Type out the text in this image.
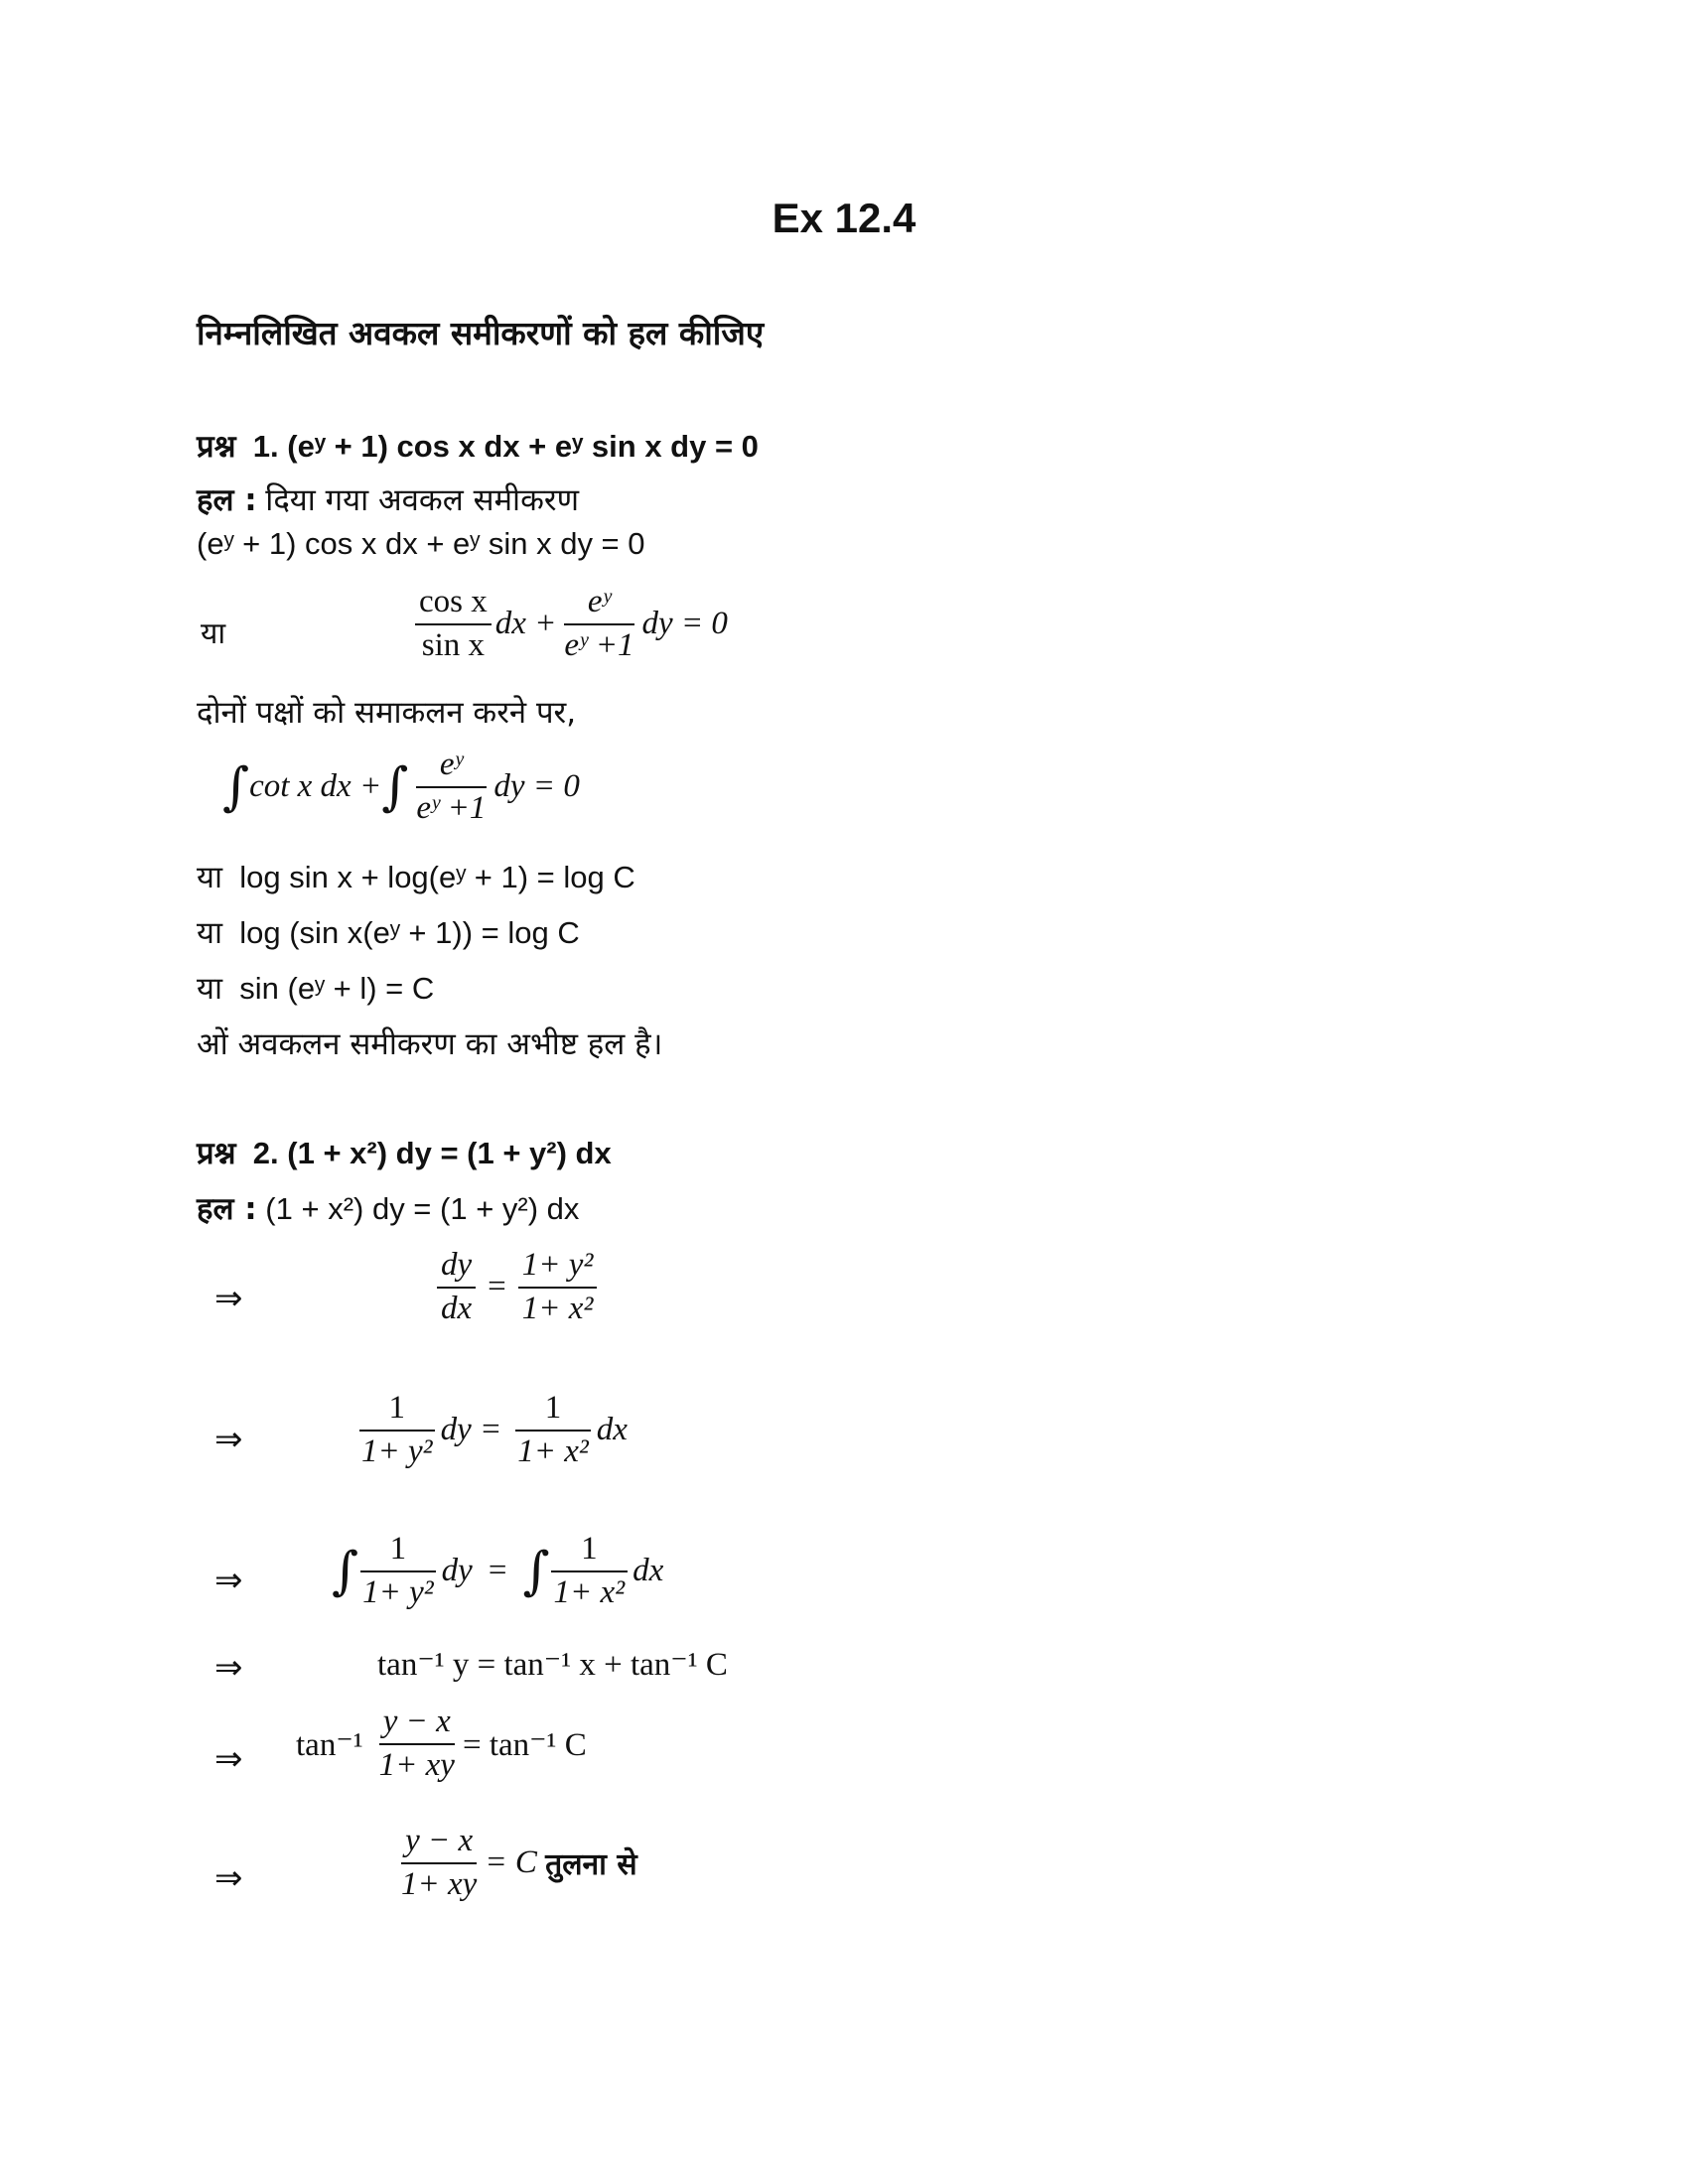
Ex 12.4
निम्नलिखित अवकल समीकरणों को हल कीजिए
प्रश्न 1. (eʸ + 1) cos x dx + eʸ sin x dy = 0
हल : दिया गया अवकल समीकरण
(eʸ + 1) cos x dx + eʸ sin x dy = 0
या	$\frac{\text{cos x}}{\text{sin x}}$ dx + $\frac{\text{eʸ}}{\text{eʸ +1}}$ dy = 0
दोनों पक्षों को समाकलन करने पर,
∫ cot x dx + ∫ $\frac{\text{eʸ}}{\text{eʸ +1}}$ dy = 0
या log sin x + log(eʸ + 1) = log C
या log (sin x(eʸ + 1)) = log C
या sin (eʸ + l) = C
ओं अवकलन समीकरण का अभीष्ट हल है।
प्रश्न 2. (1 + x²) dy = (1 + y²) dx
हल : (1 + x²) dy = (1 + y²) dx
⇒	$\frac{dy}{dx} = \frac{\text{1+ y²}}{\text{1+ x²}}$
⇒	$\frac{1}{\text{1+ y²}}$ dy = $\frac{1}{\text{1+ x²}}$ dx
⇒ ∫ $\frac{1}{\text{1+ y²}}$ dy = ∫ $\frac{1}{\text{1+ x²}}$ dx
⇒	tan⁻¹ y = tan⁻¹ x + tan⁻¹ C
⇒ $\tan^{-1} \frac{y - x}{1+ xy} = \tan^{-1}$ C
⇒	$\frac{y - x}{1+ xy} = C$
तुलना से
